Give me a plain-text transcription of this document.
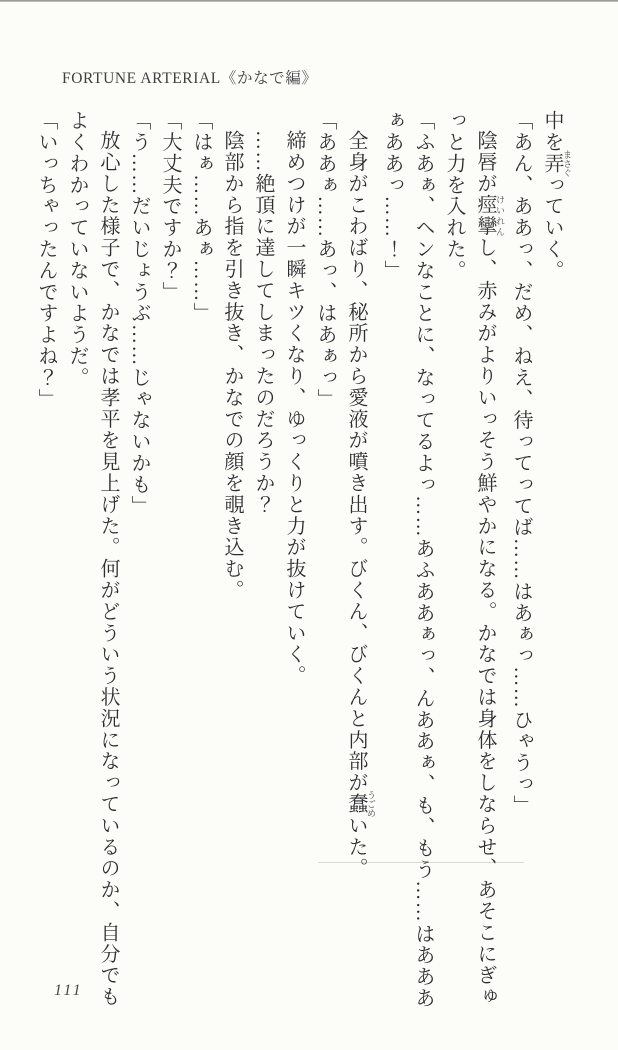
FORTUNE ARTERIAL《かなで編》

中を弄 まさぐっていく。

「あん、ああっ、だめ、ねえ、待ってってば……はあぁっ……ひゃうっ」

陰唇が痙攣 けいれんし、赤みがよりいっそう鮮やかになる。かなでは身体をしならせ、あそこにぎゅっと力を入れた。

「ふあぁ、ヘンなことに、なってるよっ……あふああぁっ、んああぁ、も、もう……はあああぁああっ……！」

全身がこわばり、秘所から愛液が噴き出す。びくん、びくんと内部が蠢 うごめいた。

「ああぁ……あっ、はあぁっ」

締めつけが一瞬キツくなり、ゆっくりと力が抜けていく。

……絶頂に達してしまったのだろうか？

陰部から指を引き抜き、かなでの顔を覗き込む。

「はぁ……あぁ……」

「大丈夫ですか？」

「う……だいじょうぶ……じゃないかも」

放心した様子で、かなでは孝平を見上げた。何がどういう状況になっているのか、自分でもよくわかっていないようだ。

「いっちゃったんですよね？」

111
